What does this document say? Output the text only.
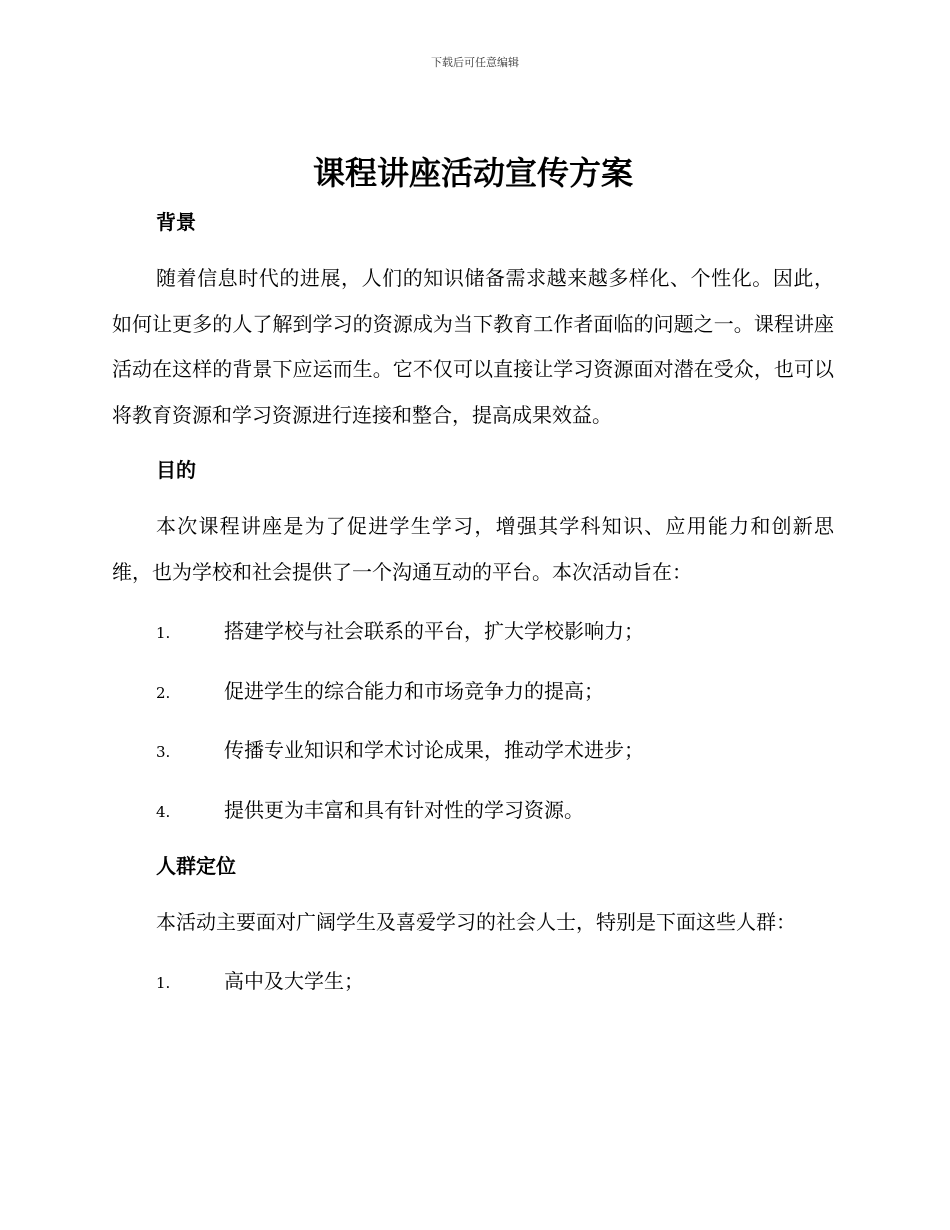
下载后可任意编辑
课程讲座活动宣传方案
背景

随着信息时代的进展，人们的知识储备需求越来越多样化、个性化。因此，如何让更多的人了解到学习的资源成为当下教育工作者面临的问题之一。课程讲座活动在这样的背景下应运而生。它不仅可以直接让学习资源面对潜在受众，也可以将教育资源和学习资源进行连接和整合，提高成果效益。

目的

本次课程讲座是为了促进学生学习，增强其学科知识、应用能力和创新思维，也为学校和社会提供了一个沟通互动的平台。本次活动旨在：

1.	搭建学校与社会联系的平台，扩大学校影响力；
2.	促进学生的综合能力和市场竞争力的提高；
3.	传播专业知识和学术讨论成果，推动学术进步；
4.	提供更为丰富和具有针对性的学习资源。
人群定位

本活动主要面对广阔学生及喜爱学习的社会人士，特别是下面这些人群：

1.	高中及大学生；
